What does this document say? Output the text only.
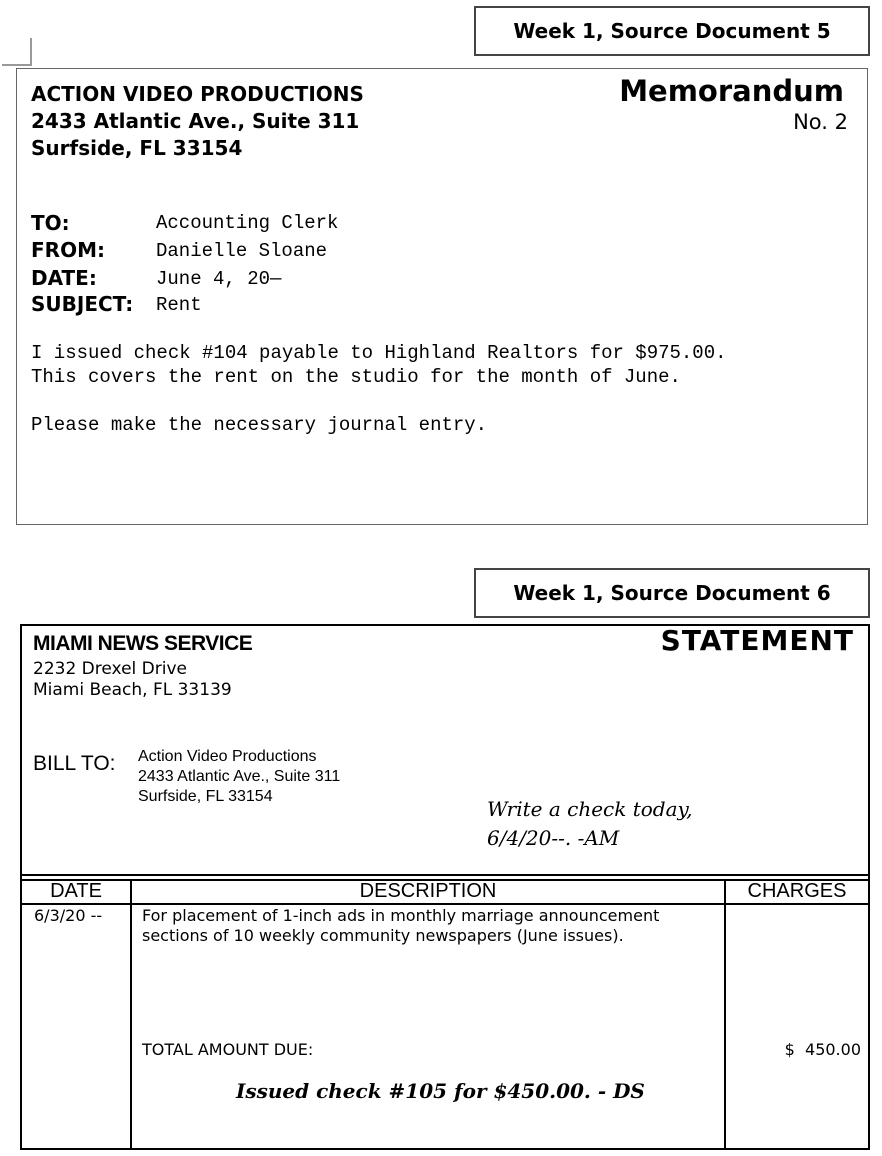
Week 1, Source Document 5
ACTION VIDEO PRODUCTIONS
2433 Atlantic Ave., Suite 311
Surfside, FL 33154
Memorandum
No. 2
TO:	Accounting Clerk
FROM:	Danielle Sloane
DATE:	June 4, 20—
SUBJECT: Rent
I issued check #104 payable to Highland Realtors for $975.00.
This covers the rent on the studio for the month of June.
Please make the necessary journal entry.
Week 1, Source Document 6
MIAMI NEWS SERVICE
2232 Drexel Drive
Miami Beach, FL 33139
STATEMENT
BILL TO: Action Video Productions
2433 Atlantic Ave., Suite 311
Surfside, FL 33154
Write a check today,
6/4/20--. -AM
DATE	DESCRIPTION	CHARGES
6/3/20 -- For placement of 1-inch ads in monthly marriage announcement
sections of 10 weekly community newspapers (June issues).
TOTAL AMOUNT DUE:	$  450.00
Issued check #105 for $450.00. - DS
